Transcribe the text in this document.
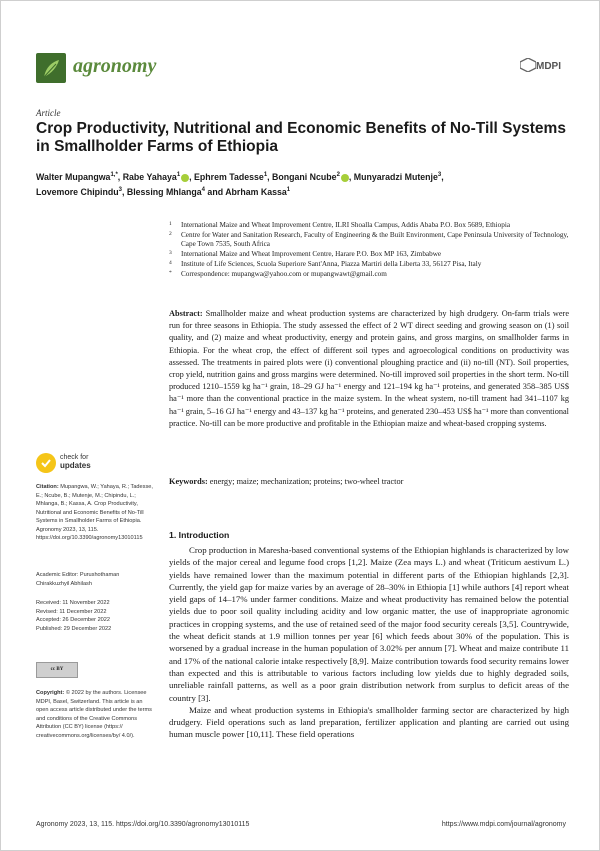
agronomy	MDPI
Article
Crop Productivity, Nutritional and Economic Benefits of No-Till Systems in Smallholder Farms of Ethiopia
Walter Mupangwa$^{1,*}$, Rabe Yahaya$^1$ , Ephrem Tadesse$^1$, Bongani Ncube$^2$ , Munyaradzi Mutenje$^3$,
Lovemore Chipindu$^3$, Blessing Mhlanga$^4$ and Abrham Kassa$^1$
1 International Maize and Wheat Improvement Centre, ILRI Shoalla Campus, Addis Ababa P.O. Box 5689, Ethiopia
2 Centre for Water and Sanitation Research, Faculty of Engineering & the Built Environment, Cape Peninsula University of Technology, Cape Town 7535, South Africa
3 International Maize and Wheat Improvement Centre, Harare P.O. Box MP 163, Zimbabwe
4 Institute of Life Sciences, Scuola Superiore Sant'Anna, Piazza Martiri della Liberta 33, 56127 Pisa, Italy
* Correspondence: mupangwa@yahoo.com or mupangwawt@gmail.com
Abstract: Smallholder maize and wheat production systems are characterized by high drudgery. On-farm trials were run for three seasons in Ethiopia. The study assessed the effect of 2 WT direct seeding and growing season on (1) soil quality, and (2) maize and wheat productivity, energy and protein gains, and gross margins, on smallholder farms in Ethiopia. For the wheat crop, the effect of different soil types and agroecological conditions on productivity was assessed. The treatments in paired plots were (i) conventional ploughing practice and (ii) no-till (NT). Soil properties, crop yield, nutrition gains and gross margins were determined. No-till improved soil properties in the short term. No-till produced 1210–1559 kg ha⁻¹ grain, 18–29 GJ ha⁻¹ energy and 121–194 kg ha⁻¹ proteins, and generated 358–385 US$ ha⁻¹ more than the conventional practice in the maize system. In the wheat system, no-till trament had 341–1107 kg ha⁻¹ grain, 5–16 GJ ha⁻¹ energy and 43–137 kg ha⁻¹ proteins, and generated 230–453 US$ ha⁻¹ more than conventional practice. No-till can be more productive and profitable in the Ethiopian maize and wheat-based cropping systems.
Keywords: energy; maize; mechanization; proteins; two-wheel tractor
check for
updates
Citation: Mupangwa, W.; Yahaya, R.; Tadesse, E.; Ncube, B.; Mutenje, M.; Chipindu, L.; Mhlanga, B.; Kassa, A. Crop Productivity, Nutritional and Economic Benefits of No-Till Systems in Smallholder Farms of Ethiopia. Agronomy 2023, 13, 115. https://doi.org/10.3390/agronomy13010115
Academic Editor: Purushothaman Chirakkuzhyil Abhilash
Received: 11 November 2022
Revised: 11 December 2022
Accepted: 26 December 2022
Published: 29 December 2022
cc BY
Copyright: © 2022 by the authors. Licensee MDPI, Basel, Switzerland. This article is an open access article distributed under the terms and conditions of the Creative Commons Attribution (CC BY) license (https:// creativecommons.org/licenses/by/ 4.0/).
1. Introduction

Crop production in Maresha-based conventional systems of the Ethiopian highlands is characterized by low yields of the major cereal and legume food crops [1,2]. Maize (Zea mays L.) and wheat (Triticum aestivum L.) yields have remained lower than the maximum potential in different parts of the Ethiopian highlands [2,3]. Currently, the yield gap for maize varies by an average of 28–30% in Ethiopia [1] while authors [4] report wheat yield gaps of 14–17% under farmer conditions. Maize and wheat productivity has remained below the potential yields due to poor soil quality including acidity and low organic matter, the use of inappropriate agronomic practices in cropping systems, and the use of retained seed of the major food security cereals [3,5]. Countrywide, the wheat deficit stands at 1.9 million tonnes per year [6] which feeds about 30% of the population. This is worsened by a gradual increase in the human population of 3.02% per annum [7]. Wheat and maize contribute 11 and 17% of the national calorie intake respectively [8,9]. Maize contribution towards food security remains lower than expected and this is attributable to various factors including low yields due to highly degraded soils, unreliable rainfall patterns, as well as a poor grain distribution network from surplus to deficit areas of the country [3].

Maize and wheat production systems in Ethiopia's smallholder farming sector are characterized by high drudgery. Field operations such as land preparation, fertilizer application and planting are carried out using human muscle power [10,11]. These field operations

Agronomy 2023, 13, 115. https://doi.org/10.3390/agronomy13010115	https://www.mdpi.com/journal/agronomy
